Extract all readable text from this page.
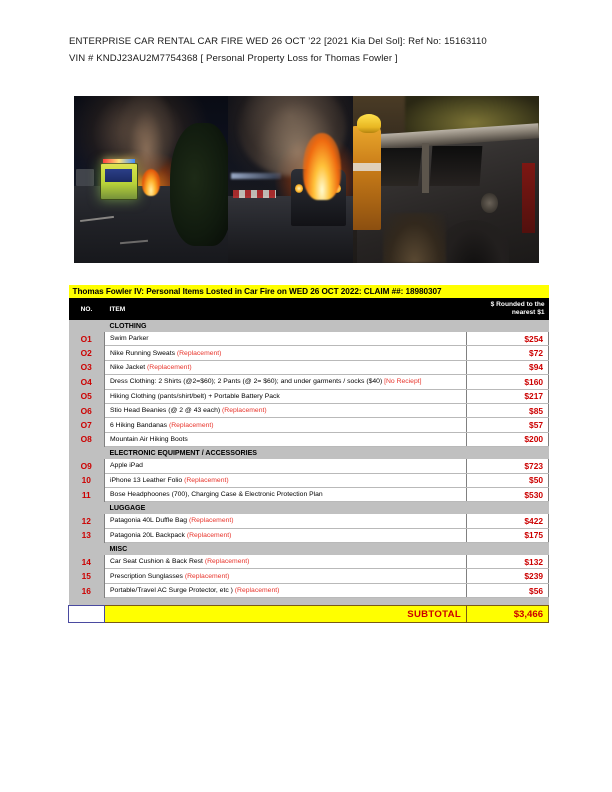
ENTERPRISE CAR RENTAL CAR FIRE WED 26 OCT ’22 [2021 Kia Del Sol]: Ref No: 15163110
VIN # KNDJ23AU2M7754368 [ Personal Property Loss for Thomas Fowler ]
Thomas Fowler IV: Personal Items Losted in Car Fire on WED 26 OCT 2022: CLAIM ##: 18980307		
NO.	ITEM	$ Rounded to the
nearest $1

	CLOTHING	
O1	Swim Parker	$254
O2	Nike Running Sweats (Replacement)	$72
O3	Nike Jacket (Replacement)	$94
O4	Dress Clothing: 2 Shirts (@2=$60); 2 Pants (@ 2= $60); and under garments / socks ($40) [No Reciept]	$160
O5	Hiking Clothing (pants/shirt/belt) + Portable Battery Pack	$217
O6	Stio Head Beanies (@ 2 @ 43 each) (Replacement)	$85
O7	6 Hiking Bandanas (Replacement)	$57
O8	Mountain Air Hiking Boots	$200
	ELECTRONIC EQUIPMENT / ACCESSORIES	
O9	Apple iPad	$723
10	iPhone 13 Leather Folio (Replacement)	$50
11	Bose Headphoones (700), Charging Case & Electronic Protection Plan	$530
	LUGGAGE	
12	Patagonia 40L Duffle Bag (Replacement)	$422
13	Patagonia 20L Backpack (Replacement)	$175
	MISC	
14	Car Seat Cushion & Back Rest (Replacement)	$132
15	Prescription Sunglasses (Replacement)	$239
16	Portable/Travel AC Surge Protector, etc ) (Replacement)	$56

	SUBTOTAL	$3,466
